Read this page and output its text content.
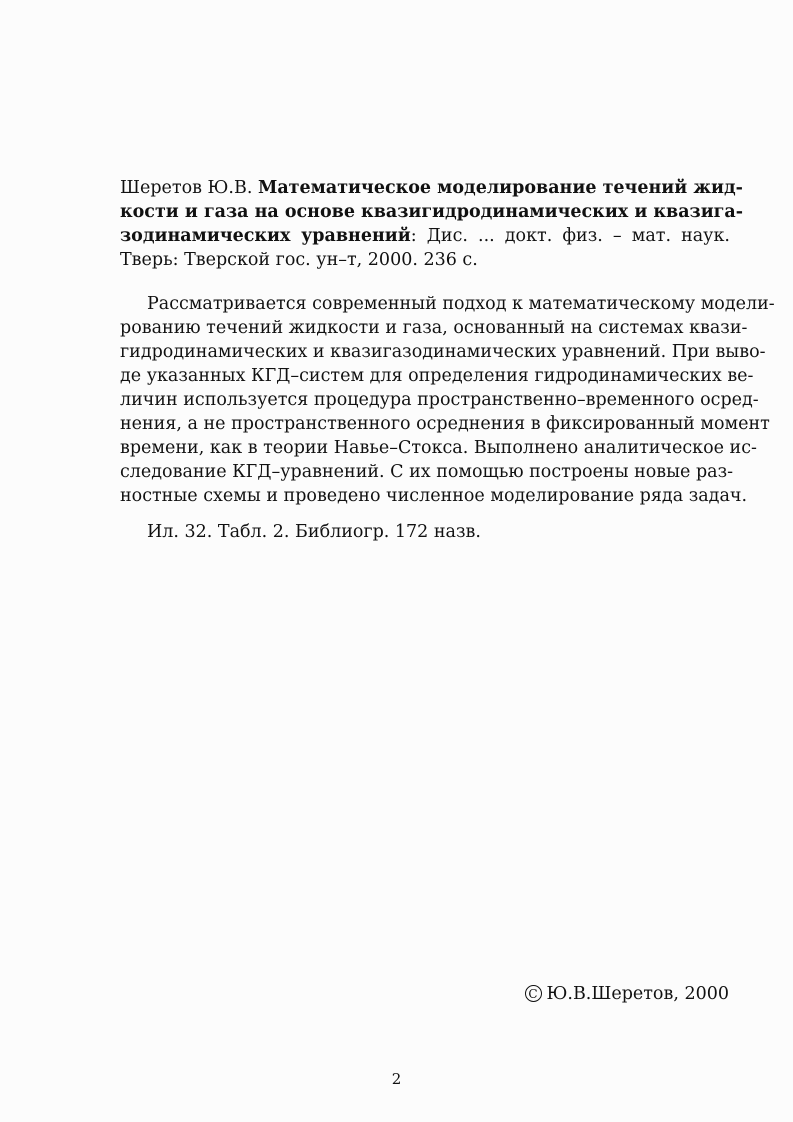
Шеретов Ю.В. Математическое моделирование течений жид-
кости и газа на основе квазигидродинамических и квазига-
зодинамических уравнений: Дис. ... докт. физ. – мат. наук.
Тверь: Тверской гос. ун–т, 2000. 236 с.
Рассматривается современный подход к математическому модели-
рованию течений жидкости и газа, основанный на системах квази-
гидродинамических и квазигазодинамических уравнений. При выво-
де указанных КГД–систем для определения гидродинамических ве-
личин используется процедура пространственно–временного осред-
нения, а не пространственного осреднения в фиксированный момент
времени, как в теории Навье–Стокса. Выполнено аналитическое ис-
следование КГД–уравнений. С их помощью построены новые раз-
ностные схемы и проведено численное моделирование ряда задач.
Ил. 32. Табл. 2. Библиогр. 172 назв.
C Ю.В.Шеретов, 2000
2
